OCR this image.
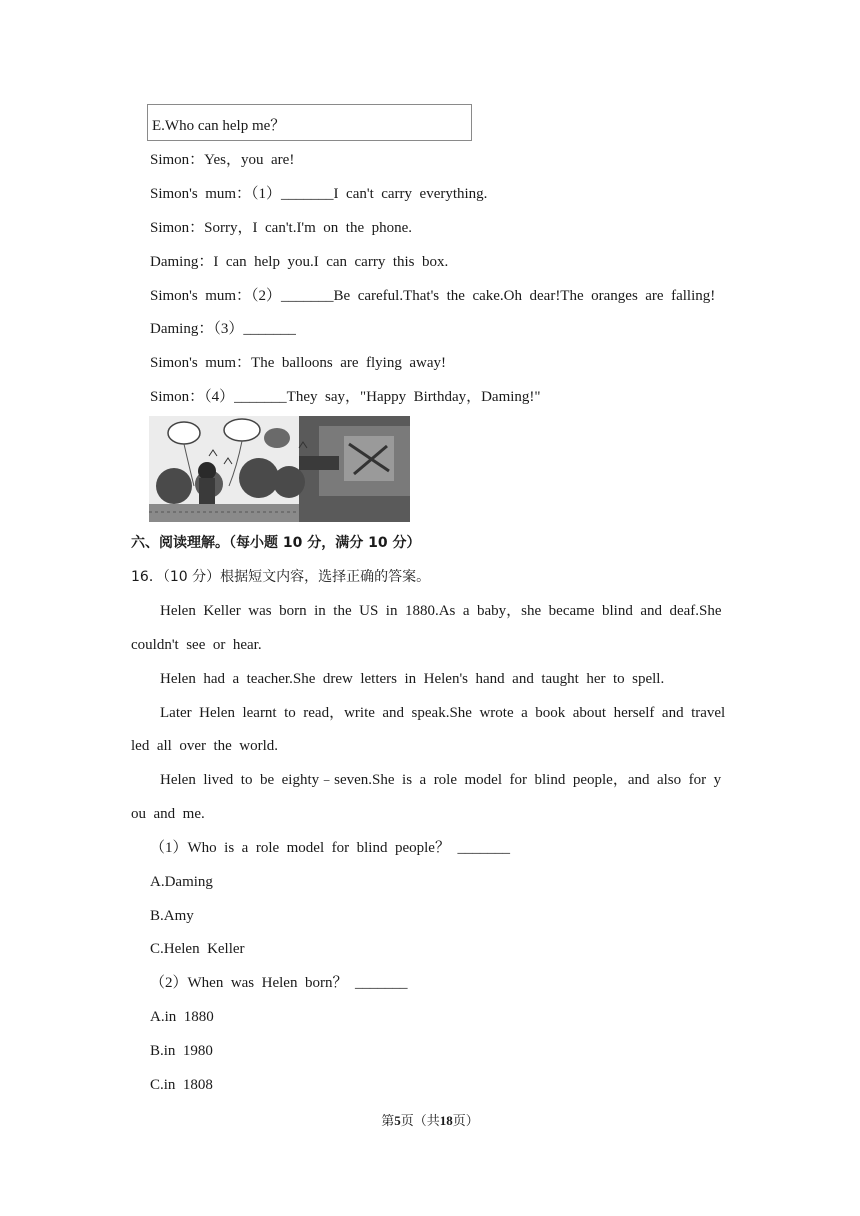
E.Who can help me？
Simon：Yes，you  are!
Simon's  mum：（1）_______I  can't  carry  everything.
Simon：Sorry，I  can't.I'm  on  the  phone.
Daming：I  can  help  you.I  can  carry  this  box.
Simon's  mum：（2）_______Be  careful.That's  the  cake.Oh  dear!The  oranges  are  falling!
Daming：（3）_______
Simon's  mum：The  balloons  are  flying  away!
Simon：（4）_______They  say，"Happy  Birthday，Daming!"
六、阅读理解。（每小题 10 分，满分 10 分）
16．（10 分）根据短文内容，选择正确的答案。
Helen  Keller  was  born  in  the  US  in  1880.As  a  baby，she  became  blind  and  deaf.She
couldn't  see  or  hear.
Helen  had  a  teacher.She  drew  letters  in  Helen's  hand  and  taught  her  to  spell.
Later  Helen  learnt  to  read，write  and  speak.She  wrote  a  book  about  herself  and  travel
led  all  over  the  world.
Helen  lived  to  be  eighty﹣seven.She  is  a  role  model  for  blind  people，and  also  for  y
ou  and  me.
（1）Who  is  a  role  model  for  blind  people？  _______
A.Daming
B.Amy
C.Helen  Keller
（2）When  was  Helen  born？  _______
A.in  1880
B.in  1980
C.in  1808
第5页（共18页）
